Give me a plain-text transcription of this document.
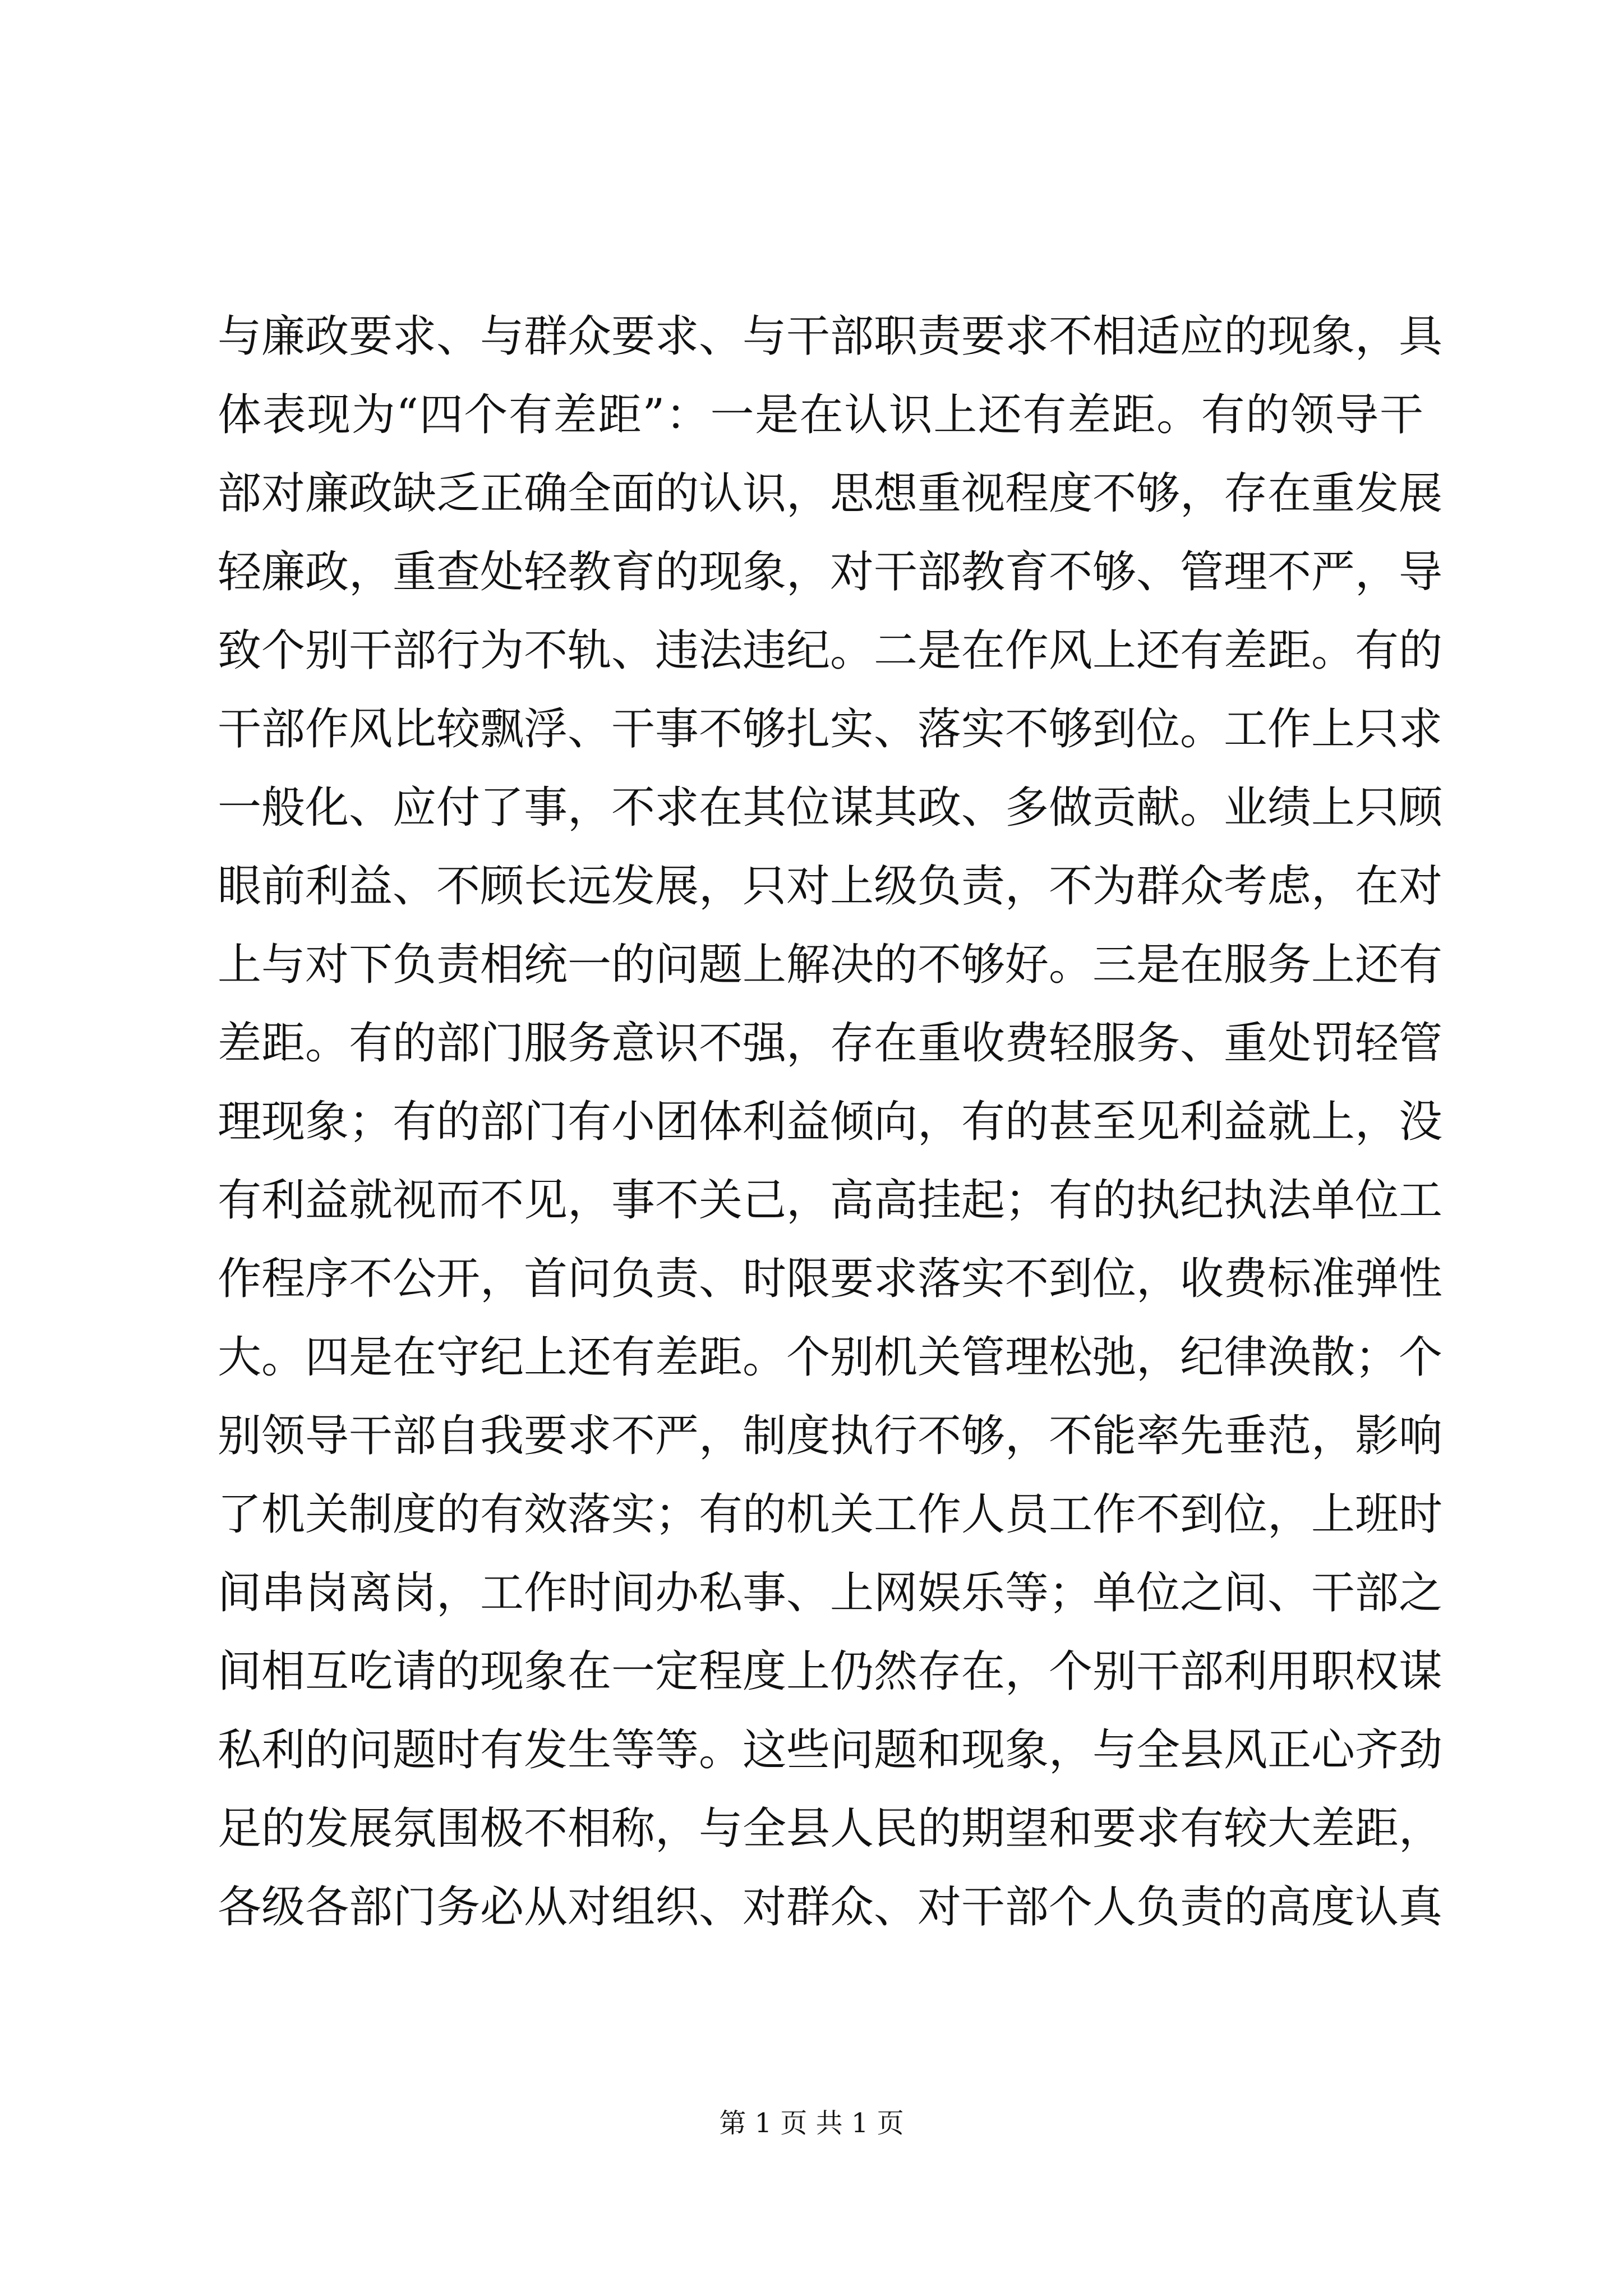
与廉政要求、与群众要求、与干部职责要求不相适应的现象，具
体表现为“四个有差距”：一是在认识上还有差距。有的领导干
部对廉政缺乏正确全面的认识，思想重视程度不够，存在重发展
轻廉政，重查处轻教育的现象，对干部教育不够、管理不严，导
致个别干部行为不轨、违法违纪。二是在作风上还有差距。有的
干部作风比较飘浮、干事不够扎实、落实不够到位。工作上只求
一般化、应付了事，不求在其位谋其政、多做贡献。业绩上只顾
眼前利益、不顾长远发展，只对上级负责，不为群众考虑，在对
上与对下负责相统一的问题上解决的不够好。三是在服务上还有
差距。有的部门服务意识不强，存在重收费轻服务、重处罚轻管
理现象；有的部门有小团体利益倾向，有的甚至见利益就上，没
有利益就视而不见，事不关己，高高挂起；有的执纪执法单位工
作程序不公开，首问负责、时限要求落实不到位，收费标准弹性
大。四是在守纪上还有差距。个别机关管理松弛，纪律涣散；个
别领导干部自我要求不严，制度执行不够，不能率先垂范，影响
了机关制度的有效落实；有的机关工作人员工作不到位，上班时
间串岗离岗，工作时间办私事、上网娱乐等；单位之间、干部之
间相互吃请的现象在一定程度上仍然存在，个别干部利用职权谋
私利的问题时有发生等等。这些问题和现象，与全县风正心齐劲
足的发展氛围极不相称，与全县人民的期望和要求有较大差距，
各级各部门务必从对组织、对群众、对干部个人负责的高度认真
第 1 页 共 1 页
